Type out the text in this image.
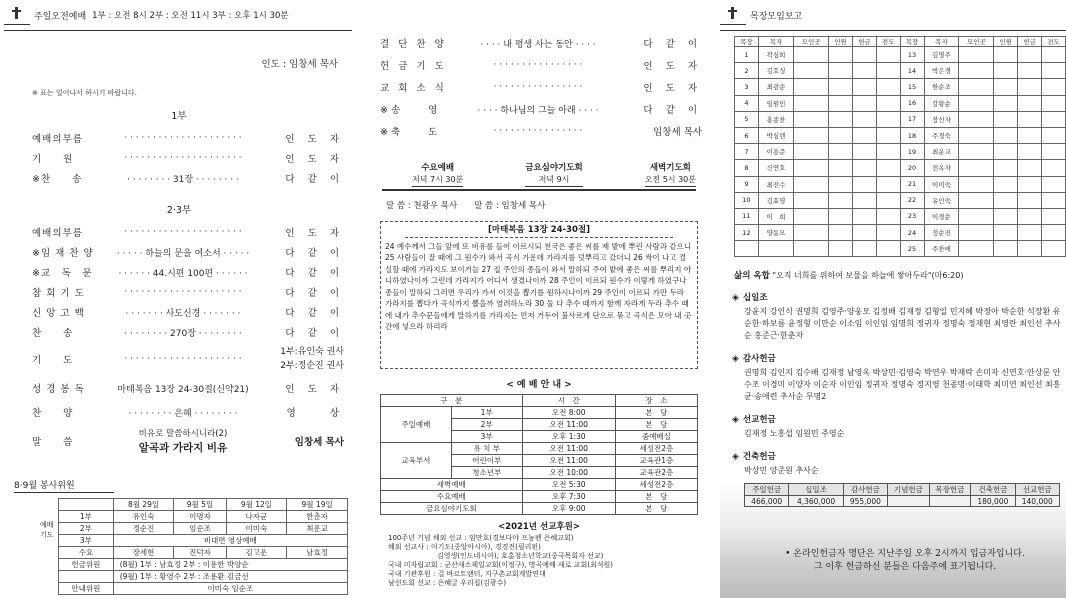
주일오전예배 1부 : 오전 8시 2부 : 오전 11시 3부 : 오후 1시 30분
인도 : 임창세 목사
※ 표는 일어나서 하시기 바랍니다.
1부
예배의부름	· · · · · · · · · · · · · · · · · · · · ·	인 도 자
기　　원	· · · · · · · · · · · · · · · · · · · · ·	인 도 자
※찬　　송	· · · · · · · · 31장 · · · · · · · ·	다 같 이
2·3부
예배의부름	· · · · · · · · · · · · · · · · · · · · ·	인 도 자
※임 재 찬 양	· · · · · 하늘의 문을 여소서 · · · · ·	다 같 이
※교　독　문	· · · · · · 44.시편 100편 · · · · · ·	다 같 이
참 회 기 도	· · · · · · · · · · · · · · · · · · · · ·	다 같 이
신 앙 고 백	· · · · · · · 사도신경 · · · · · · ·	다 같 이
찬　　송	· · · · · · · · 270장 · · · · · · · ·	다 같 이
기　　도	· · · · · · · · · · · · · · · · · · · · ·
1부:유인숙 권사
2부:정순진 권사
성 경 봉 독	마태복음 13장 24-30절(신약21)	인 도 자
찬　　양	· · · · · · · · 은혜 · · · · · · · ·	영　　상
말　　씀
비유로 말씀하시니라(2)
알곡과 가라지 비유	임창세 목사
8·9월 봉사위원
예배
기도
	8월 29일	9월 5일	9월 12일	9월 19일
1부	유인숙	이명자	나자균	한춘자
2부	정순진	임순조	이미숙	최운교
3부	비대면 영상예배			
수요	장세현	진덕자	김고운	남효정
헌금위원	(8월) 1부 : 남효정 2부 : 이용한 박양순			
	(9월) 1부 : 황영수 2부 : 조용환 김금선			
안내위원	이미숙 임순조			
결 단 찬 양	· · · · 내 평생 사는 동안 · · · ·	다 같 이
헌 금 기 도	· · · · · · · · · · · · · · · ·	인 도 자
교 회 소 식	· · · · · · · · · · · · · · · ·	인 도 자
※송　　영	· · · · 하나님의 그늘 아래 · · · ·	다 같 이
※축　　도	· · · · · · · · · · · · · · · ·	임창세 목사
수요예배
저녁 7시 30분
금요심야기도회
저녁 9시
새벽기도회
오전 5시 30분
말 씀 : 천광우 목사　　말 씀 : 임창세 목사
[마태복음 13장 24-30절]
24 예수께서 그들 앞에 또 비유를 들어 이르시되 천국은 좋은 씨를 제 밭에 뿌린 사람과 같으니 25 사람들이 잘 때에 그 원수가 와서 곡식 가운데 가라지를 덧뿌리고 갔더니 26 싹이 나고 결실할 때에 가라지도 보이거늘 27 집 주인의 종들이 와서 말하되 주여 밭에 좋은 씨를 뿌리지 아니하였나이까 그런데 가라지가 어디서 생겼나이까 28 주인이 이르되 원수가 이렇게 하였구나 종들이 말하되 그러면 우리가 가서 이것을 뽑기를 원하시나이까 29 주인이 이르되 가만 두라 가라지를 뽑다가 곡식까지 뽑을까 염려하노라 30 둘 다 추수 때까지 함께 자라게 두라 추수 때에 내가 추수꾼들에게 말하기를 가라지는 먼저 거두어 불사르게 단으로 묶고 곡식은 모아 내 곳간에 넣으라 하리라
< 예 배 안 내 >
구　분		시　간	장　소
주일예배	1부	오전 8:00	본　당
	2부	오전 11:00	본　당
	3부	오후 1:30	줌예배실
교육부서	유 치 부	오전 11:00	세성전2층
	어린이부	오전 11:00	교육관1층
	청소년부	오전 10:00	교육관2층
새벽예배		오전 5:30	세성전2층
수요예배		오후 7:30	본　당
금요심야기도회		오후 9:00	본　당
<2021년 선교후원>
100주년 기념 해외 선교 : 임만호(경보다야 프놈펜 은혜교회)
해외 선교사 : 이기도(중앙아시아), 경경진(필리핀)
　　　　　　　김영생(인도네시아), 호홍청소년학교(중국목회자 선교)
국내 미자립교회 : 군산새소제일교회(이정구), 명곡예배 새로 교회(최석원)
국내 기관후원 : 걸 바르트랜터, 지구촌교회계발연대
남선도회 선교 : 은혜글 우리집(김광수)
목장모임보고
목장	목자	모인곳	인원	헌금	전도	목장	목자	모인곳	인원	헌금	전도
1	곽심희					13	김명주				
2	김호성					14	박은경				
3	최광순					15	한순조				
4	임원민					16	강황순				
5	홍종찬					17	장신자				
6	박심렌					18	주경숙				
7	이용준					19	최운교				
8	신연호					20	전옥자				
9	최전수					21	이미숙				
10	김효영					22	유인숙				
11	이　희					23	이경순				
12	양동모					24	정순진				
						25	주찬애				
삶의 옥합 "오직 너희를 위하여 보물을 하늘에 쌓아두라"(마6:20)
◈ 십일조
강윤지 강인식 권명희 김영주·양웅모 김정배 김재정 김형일 민지혜 박정아 박순한 석장환 유순한·하보름 윤정형 이만순 이소임 이인임 임명희 정귀자 정명숙 정재현 최영란 최인선 추사순 홍준근·한춘자
◈ 감사헌금
권명희 김인지 김수배 김재정 남영옥 박상민·김영숙 박연우 박재락 손미자 신연호·안상문 안수조 이경미 이양자 이순자 이인임 정귀자 정명숙 정지영 천종명·이태학 최미연 최인선 최흥균·송애련 추사순 무명2
◈ 선교헌금
김재정 노흥섭 임원민 주영순
◈ 건축헌금
박상민 양준원 추사순
주일헌금	십일조	감사헌금	기념헌금	목장헌금	건축헌금	선교헌금
466,000	4,360,000	955,000			180,000	140,000
• 온라인헌금자 명단은 지난주일 오후 2시까지 입금자입니다.
그 이후 헌금하신 분들은 다음주에 표기됩니다.
